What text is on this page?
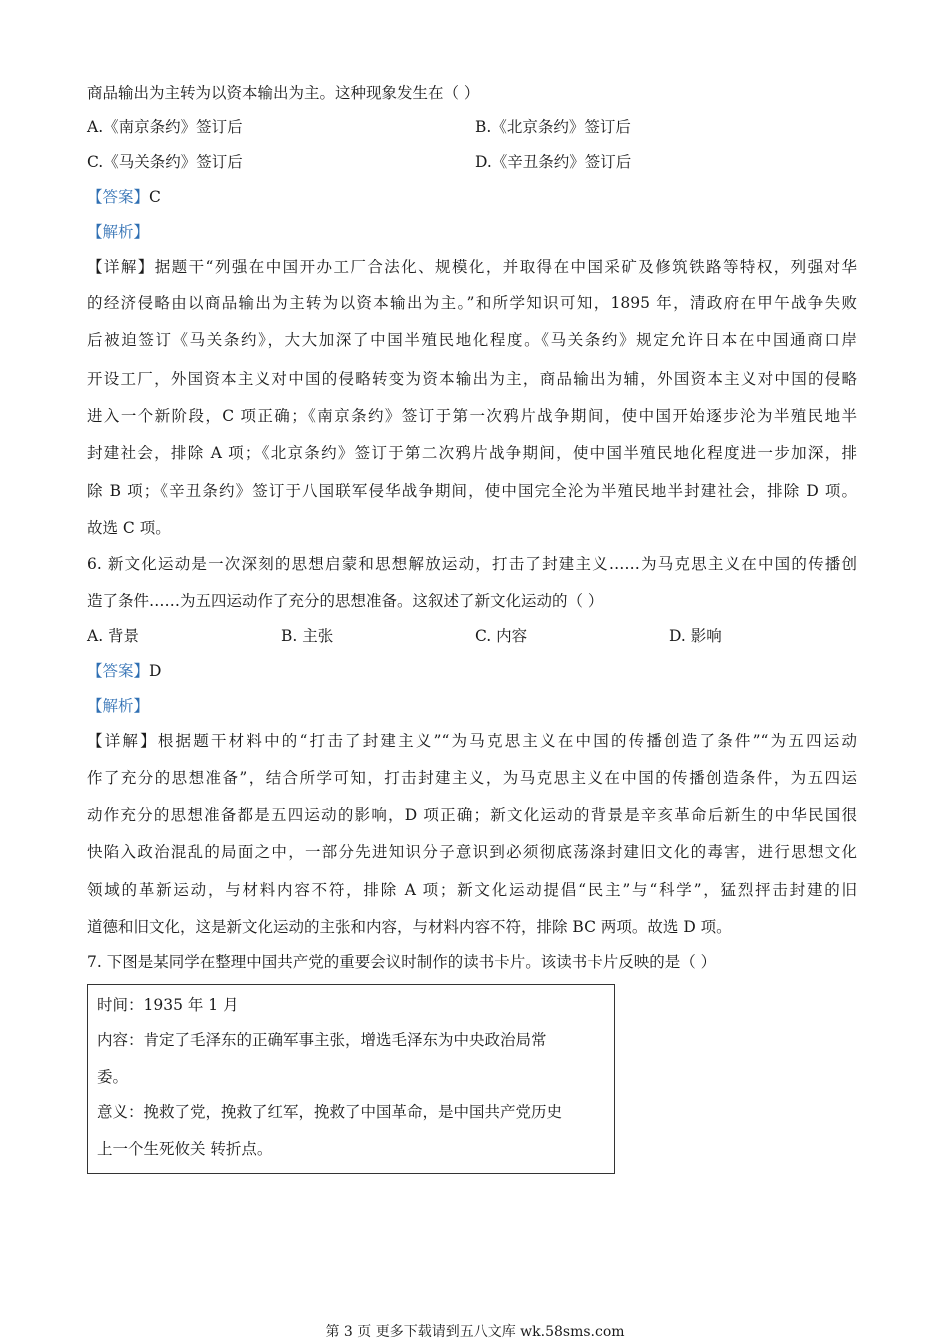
商品输出为主转为以资本输出为主。这种现象发生在（ ）
A.《南京条约》签订后	B.《北京条约》签订后
C.《马关条约》签订后	D.《辛丑条约》签订后
【答案】C
【解析】
【详解】据题干“列强在中国开办工厂合法化、规模化，并取得在中国采矿及修筑铁路等特权，列强对华
的经济侵略由以商品输出为主转为以资本输出为主。”和所学知识可知，1895 年，清政府在甲午战争失败
后被迫签订《马关条约》，大大加深了中国半殖民地化程度。《马关条约》规定允许日本在中国通商口岸
开设工厂，外国资本主义对中国的侵略转变为资本输出为主，商品输出为辅，外国资本主义对中国的侵略
进入一个新阶段，C 项正确；《南京条约》签订于第一次鸦片战争期间，使中国开始逐步沦为半殖民地半
封建社会，排除 A 项；《北京条约》签订于第二次鸦片战争期间，使中国半殖民地化程度进一步加深，排
除 B 项；《辛丑条约》签订于八国联军侵华战争期间，使中国完全沦为半殖民地半封建社会，排除 D 项。
故选 C 项。
6. 新文化运动是一次深刻的思想启蒙和思想解放运动，打击了封建主义……为马克思主义在中国的传播创
造了条件……为五四运动作了充分的思想准备。这叙述了新文化运动的（ ）
A. 背景	B. 主张	C. 内容	D. 影响
【答案】D
【解析】
【详解】根据题干材料中的“打击了封建主义”“为马克思主义在中国的传播创造了条件”“为五四运动
作了充分的思想准备”，结合所学可知，打击封建主义，为马克思主义在中国的传播创造条件，为五四运
动作充分的思想准备都是五四运动的影响，D 项正确；新文化运动的背景是辛亥革命后新生的中华民国很
快陷入政治混乱的局面之中，一部分先进知识分子意识到必须彻底荡涤封建旧文化的毒害，进行思想文化
领域的革新运动，与材料内容不符，排除 A 项；新文化运动提倡“民主”与“科学”，猛烈抨击封建的旧
道德和旧文化，这是新文化运动的主张和内容，与材料内容不符，排除 BC 两项。故选 D 项。
7. 下图是某同学在整理中国共产党的重要会议时制作的读书卡片。该读书卡片反映的是（ ）
时间：1935 年 1 月
内容：肯定了毛泽东的正确军事主张，增选毛泽东为中央政治局常
委。
意义：挽救了党，挽救了红军，挽救了中国革命，是中国共产党历史
上一个生死攸关 转折点。
第 3 页 更多下载请到五八文库 wk.58sms.com
